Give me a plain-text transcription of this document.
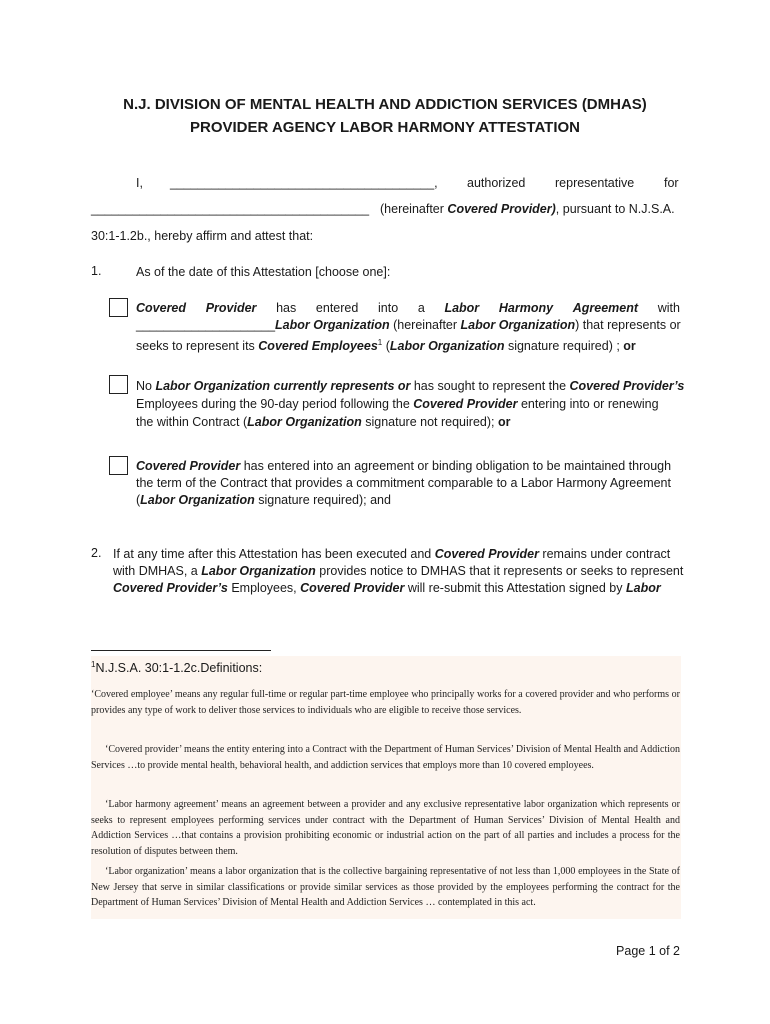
N.J. DIVISION OF MENTAL HEALTH AND ADDICTION SERVICES (DMHAS)
PROVIDER AGENCY LABOR HARMONY ATTESTATION
I, ______________________________________, authorized representative for
________________________________________ (hereinafter Covered Provider), pursuant to N.J.S.A.
30:1-1.2b., hereby affirm and attest that:
1.	As of the date of this Attestation [choose one]:
Covered Provider has entered into a Labor Harmony Agreement with
____________________Labor Organization (hereinafter Labor Organization) that represents or
seeks to represent its Covered Employees$^1$ (Labor Organization signature required) ; or
No Labor Organization currently represents or has sought to represent the Covered Provider’s
Employees during the 90-day period following the Covered Provider entering into or renewing
the within Contract (Labor Organization signature not required); or
Covered Provider has entered into an agreement or binding obligation to be maintained through
the term of the Contract that provides a commitment comparable to a Labor Harmony Agreement
(Labor Organization signature required); and
2. If at any time after this Attestation has been executed and Covered Provider remains under contract
with DMHAS, a Labor Organization provides notice to DMHAS that it represents or seeks to represent
Covered Provider’s Employees, Covered Provider will re-submit this Attestation signed by Labor
$^1$N.J.S.A. 30:1-1.2c.Definitions:
‘Covered employee’ means any regular full-time or regular part-time employee who principally works for a covered provider and who performs or provides any type of work to deliver those services to individuals who are eligible to receive those services.
‘Covered provider’ means the entity entering into a Contract with the Department of Human Services’ Division of Mental Health and Addiction Services …to provide mental health, behavioral health, and addiction services that employs more than 10 covered employees.
‘Labor harmony agreement’ means an agreement between a provider and any exclusive representative labor organization which represents or seeks to represent employees performing services under contract with the Department of Human Services’ Division of Mental Health and Addiction Services …that contains a provision prohibiting economic or industrial action on the part of all parties and includes a process for the resolution of disputes between them.
‘Labor organization’ means a labor organization that is the collective bargaining representative of not less than 1,000 employees in the State of New Jersey that serve in similar classifications or provide similar services as those provided by the employees performing the contract for the Department of Human Services’ Division of Mental Health and Addiction Services … contemplated in this act.
Page 1 of 2
